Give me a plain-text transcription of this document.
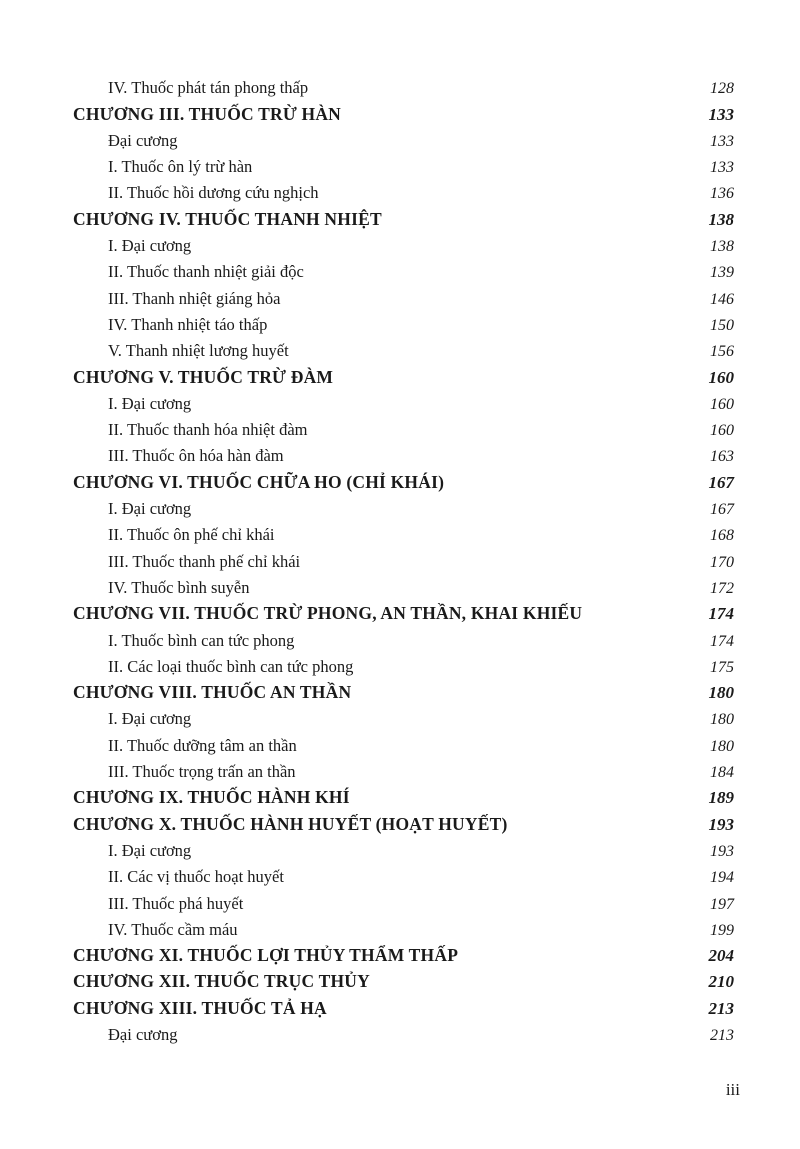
IV. Thuốc phát tán phong thấp	128
CHƯƠNG III. THUỐC TRỪ HÀN	133
Đại cương	133
I. Thuốc ôn lý trừ hàn	133
II. Thuốc hồi dương cứu nghịch	136
CHƯƠNG IV. THUỐC THANH NHIỆT	138
I. Đại cương	138
II. Thuốc thanh nhiệt giải độc	139
III. Thanh nhiệt giáng hỏa	146
IV. Thanh nhiệt táo thấp	150
V. Thanh nhiệt lương huyết	156
CHƯƠNG V. THUỐC TRỪ ĐÀM	160
I. Đại cương	160
II. Thuốc thanh hóa nhiệt đàm	160
III. Thuốc ôn hóa hàn đàm	163
CHƯƠNG VI. THUỐC CHỮA HO (CHỈ KHÁI)	167
I. Đại cương	167
II. Thuốc ôn phế chỉ khái	168
III. Thuốc thanh phế chỉ khái	170
IV. Thuốc bình suyễn	172
CHƯƠNG VII. THUỐC TRỪ PHONG, AN THẦN, KHAI KHIẾU	174
I. Thuốc bình can tức phong	174
II. Các loại thuốc bình can tức phong	175
CHƯƠNG VIII. THUỐC AN THẦN	180
I. Đại cương	180
II. Thuốc dưỡng tâm an thần	180
III. Thuốc trọng trấn an thần	184
CHƯƠNG IX. THUỐC HÀNH KHÍ	189
CHƯƠNG X. THUỐC HÀNH HUYẾT (HOẠT HUYẾT)	193
I. Đại cương	193
II. Các vị thuốc hoạt huyết	194
III. Thuốc phá huyết	197
IV. Thuốc cầm máu	199
CHƯƠNG XI. THUỐC LỢI THỦY THẨM THẤP	204
CHƯƠNG XII. THUỐC TRỤC THỦY	210
CHƯƠNG XIII. THUỐC TẢ HẠ	213
Đại cương	213
iii
